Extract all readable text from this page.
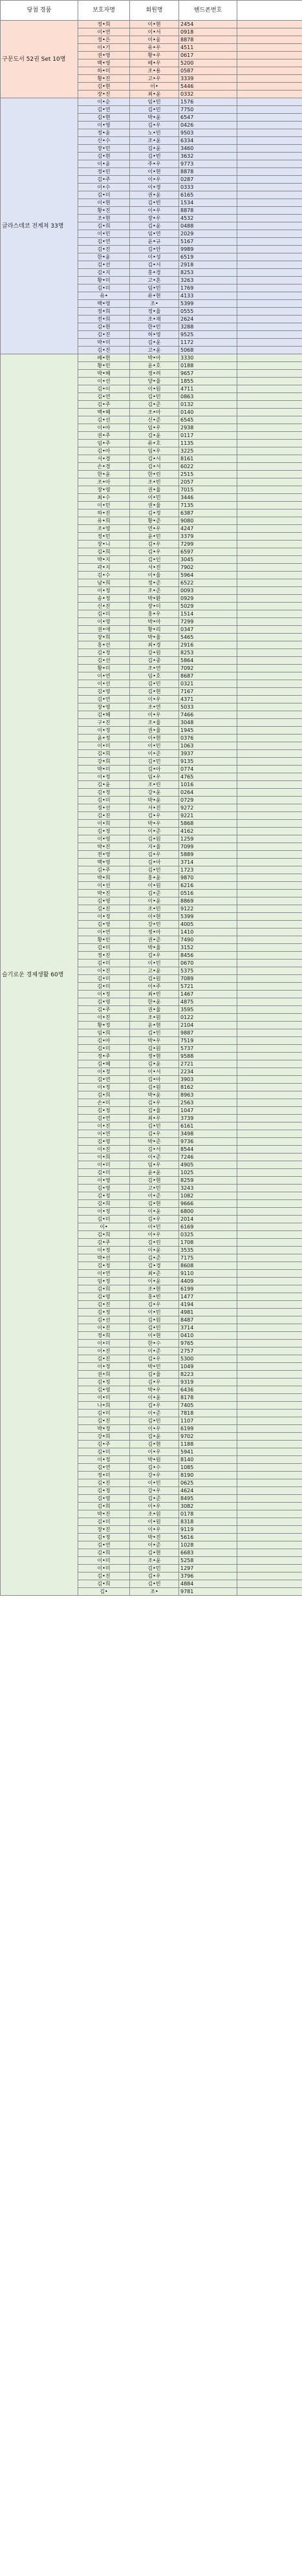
당첨 경품	보호자명	회원명	핸드폰번호	
구문도서 52권 Set 10명	정•희	이•현	2454	
	이•연	이•서	0918	
	정•은	이•웅	8878	
	이•기	유•우	4511	
	권•영	황•우	0617	
	백•영	배•우	5200	
	하•미	조•용	0587	
	황•진	고•우	3339	
	김•현	이•	5446	
	장•진	최•윤	0332	
글라스데코 전계쳐 33명	이•순	임•민	1576	
	김•연	김•민	7750	
	김•현	박•윤	6547	
	이•영	김•우	0426	
	정•윤	노•민	9503	
	신•수	조•윤	6334	
	장•민	김•윤	3460	
	김•현	김•빈	3632	
	이•윤	주•우	9773	
	정•민	이•현	8878	
	김•주	이•우	0287	
	이•수	이•경	0333	
	김•미	권•윤	6165	
	이•현	김•빈	1534	
	황•진	이•우	8878	
	조•현	장•우	4532	
	김•희	김•윤	0488	
	이•민	임•연	2029	
	김•연	윤•규	5167	
	김•진	김•안	9989	
	한•윤	이•성	6519	
	김•선	김•서	2918	
	김•지	홍•경	8253	
	황•미	고•흔	3263	
	김•미	임•민	1769	
	유•	류•현	4133	
	백•영	조•	5399	
	정•희	정•율	0555	
	전•희	조•재	2624	
	김•현	한•민	3288	
	김•진	허•영	9525	
	박•미	김•윤	1172	
	김•진	고•윤	5068	
슬기로운 경제생활 60명	배•현	박•아	3330	
	황•민	윤•호	0188	
	박•혜	정•려	9657	
	이•선	양•율	1855	
	김•이	이•원	4711	
	김•연	김•민	0863	
	김•주	김•준	0132	
	백•혜	조•아	0140	
	김•선	신•준	6545	
	이•아	임•우	2938	
	권•주	김•윤	0117	
	임•주	류•호	1135	
	김•아	임•우	3225	
	서•경	김•서	8161	
	손•경	김•서	6022	
	한•윤	한•린	2515	
	조•아	조•빈	2057	
	장•영	권•율	7015	
	최•수	이•민	3446	
	이•민	권•율	7135	
	하•진	김•정	6387	
	유•희	황•준	9080	
	조•영	연•우	4247	
	정•민	윤•민	3379	
	장•니	김•우	7299	
	김•희	김•우	6597	
	박•지	김•인	3045	
	곽•지	서•진	7902	
	김•수	이•율	5964	
	남•희	정•준	6522	
	이•정	조•준	0093	
	송•정	박•환	0929	
	신•진	장•이	5029	
	김•미	홍•우	1514	
	이•영	박•아	7299	
	권•애	황•리	0347	
	장•희	박•율	5465	
	홍•선	최•경	2916	
	김•정	강•원	8253	
	김•선	김•중	5864	
	황•미	조•연	7092	
	이•연	임•호	8687	
	이•선	김•민	0321	
	김•영	김•현	7167	
	김•연	이•우	4371	
	장•영	조•연	5033	
	김•혜	이•우	7466	
	구•진	조•율	3048	
	이•정	권•율	1945	
	윤•정	이•현	0376	
	이•미	이•민	1063	
	김•희	이•준	3937	
	강•희	김•민	9135	
	박•미	김•아	0774	
	이•정	임•우	4765	
	김•윤	조•린	1016	
	김•정	강•윤	0264	
	김•미	박•윤	0729	
	정•선	서•진	9272	
	김•진	김•우	9221	
	이•희	박•우	5868	
	김•정	이•준	4162	
	이•영	김•원	1259	
	박•진	지•율	7099	
	전•영	김•우	5889	
	백•영	김•아	3714	
	김•주	김•민	1723	
	박•희	홍•윤	9870	
	이•선	이•원	6216	
	박•진	김•준	0516	
	김•영	이•윤	8869	
	김•진	조•민	9122	
	이•정	이•현	5399	
	김•영	강•민	4005	
	이•연	정•아	1410	
	황•민	권•준	7490	
	김•미	박•율	3152	
	정•진	김•우	8456	
	김•미	이•민	0670	
	이•진	고•윤	5375	
	김•미	김•원	7089	
	김•미	이•주	5721	
	이•정	최•빈	1467	
	김•영	한•윤	4875	
	김•주	권•율	3595	
	이•진	조•원	0122	
	황•정	윤•현	2104	
	임•희	김•민	9887	
	김•아	박•우	7519	
	김•미	김•원	5737	
	정•주	정•현	9588	
	김•혜	김•윤	2721	
	이•정	이•서	2234	
	김•연	김•아	3903	
	이•정	김•원	8162	
	김•희	박•윤	8963	
	손•미	김•우	2563	
	김•정	김•율	1047	
	김•연	최•우	3739	
	이•진	김•민	6161	
	이•연	김•우	3498	
	김•영	박•준	9736	
	이•진	김•서	8544	
	이•희	이•준	7246	
	이•미	임•우	4905	
	김•미	윤•윤	1025	
	이•영	김•현	8259	
	김•영	고•민	3243	
	김•정	이•준	1082	
	김•희	김•현	9666	
	이•정	이•윤	6800	
	김•미	김•우	2014	
	이•	이•민	6169	
	김•희	이•우	0325	
	김•주	김•린	1708	
	이•정	이•윤	3535	
	박•선	김•준	7175	
	김•정	김•경	8608	
	이•연	최•준	9110	
	임•정	이•윤	4409	
	김•희	조•현	6199	
	김•영	홍•빈	1477	
	김•진	김•우	4194	
	김•정	이•민	4981	
	김•선	김•원	8487	
	이•진	김•민	3714	
	정•희	이•현	0410	
	이•미	한•수	9765	
	이•진	이•준	2757	
	김•진	김•우	5300	
	이•정	박•민	1049	
	권•희	김•율	8223	
	김•정	김•우	9319	
	김•영	박•우	6436	
	이•미	이•윤	8178	
	나•희	김•우	7405	
	김•미	이•준	7818	
	김•진	김•민	1107	
	박•정	이•우	6199	
	강•희	김•윤	9702	
	김•주	김•현	1188	
	김•미	이•우	5941	
	이•정	박•원	8140	
	김•연	김•수	1085	
	정•미	강•우	8190	
	김•진	이•민	0625	
	김•정	강•우	4624	
	김•영	김•준	8495	
	김•희	이•우	3082	
	박•진	조•원	0178	
	김•미	이•원	8318	
	장•진	이•우	9119	
	김•정	박•진	5616	
	김•연	이•준	1028	
	김•희	김•현	6683	
	이•미	조•윤	5258	
	이•미	김•민	1297	
	김•진	김•우	3796	
	김•희	김•빈	4884	
	김•	조•	9781	
